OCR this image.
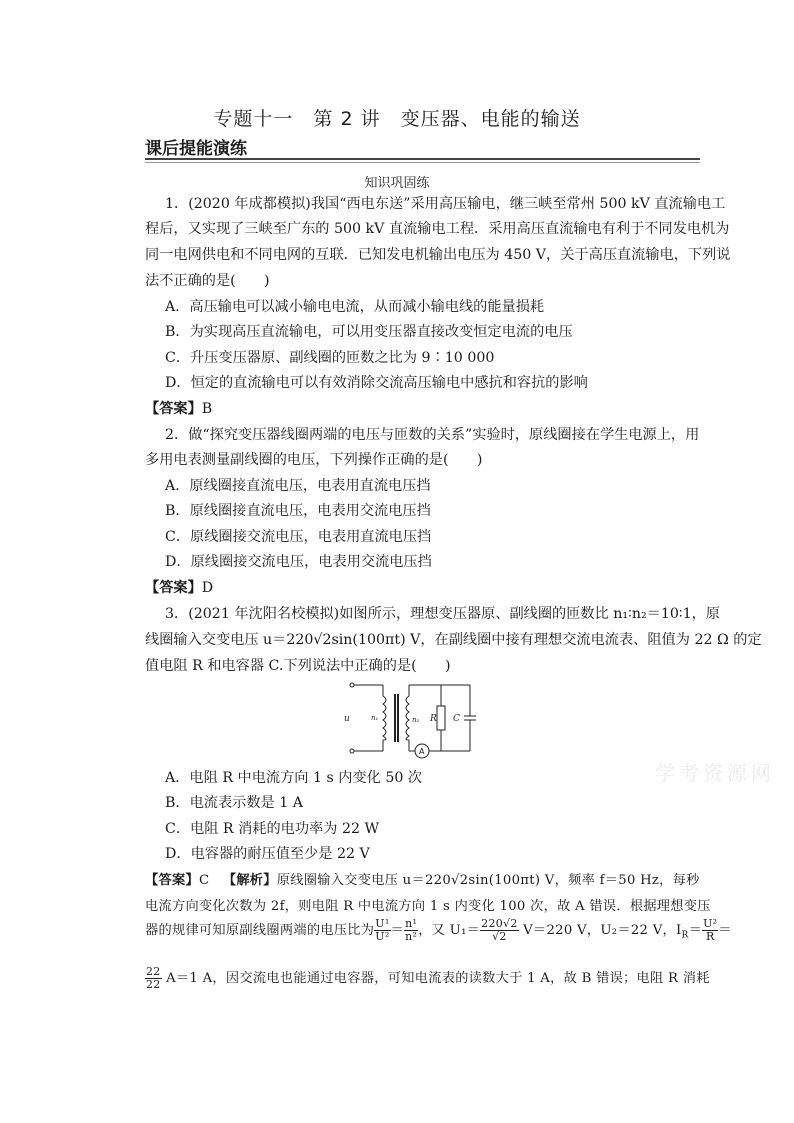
专题十一　第 2 讲　变压器、电能的输送
课后提能演练
知识巩固练
1．(2020 年成都模拟)我国“西电东送”采用高压输电，继三峡至常州 500 kV 直流输电工
程后，又实现了三峡至广东的 500 kV 直流输电工程．采用高压直流输电有利于不同发电机为
同一电网供电和不同电网的互联．已知发电机输出电压为 450 V，关于高压直流输电，下列说
法不正确的是(　　)
A．高压输电可以减小输电电流，从而减小输电线的能量损耗
B．为实现高压直流输电，可以用变压器直接改变恒定电流的电压
C．升压变压器原、副线圈的匝数之比为 9∶10 000
D．恒定的直流输电可以有效消除交流高压输电中感抗和容抗的影响
【答案】B
2．做“探究变压器线圈两端的电压与匝数的关系”实验时，原线圈接在学生电源上，用
多用电表测量副线圈的电压，下列操作正确的是(　　)
A．原线圈接直流电压，电表用直流电压挡
B．原线圈接直流电压，电表用交流电压挡
C．原线圈接交流电压，电表用直流电压挡
D．原线圈接交流电压，电表用交流电压挡
【答案】D
3．(2021 年沈阳名校模拟)如图所示，理想变压器原、副线圈的匝数比 n₁∶n₂＝10∶1，原
线圈输入交变电压 u＝220√2sin(100πt) V，在副线圈中接有理想交流电流表、阻值为 22 Ω 的定
值电阻 R 和电容器 C.下列说法中正确的是(　　)
u	n₁	n₂ R C
A
A．电阻 R 中电流方向 1 s 内变化 50 次
B．电流表示数是 1 A
C．电阻 R 消耗的电功率为 22 W
D．电容器的耐压值至少是 22 V
【答案】C 【解析】原线圈输入交变电压 u＝220√2sin(100πt) V，频率 f＝50 Hz，每秒
电流方向变化次数为 2f，则电阻 R 中电流方向 1 s 内变化 100 次，故 A 错误．根据理想变压
器的规律可知原副线圈两端的电压比为 $\frac{\text{U¹}}{\text{U²}} = \frac{\text{n¹}}{\text{n²}}$ ，又 $U_1= \frac{220√2}{√2} V=220$ V，U₂＝22 V，$I_R= \frac{\text{U²}}{R}$ ＝
$\frac{22}{22} A=1$ A，因交流电也能通过电容器，可知电流表的读数大于 1 A，故 B 错误；电阻 R 消耗
学考资源网
